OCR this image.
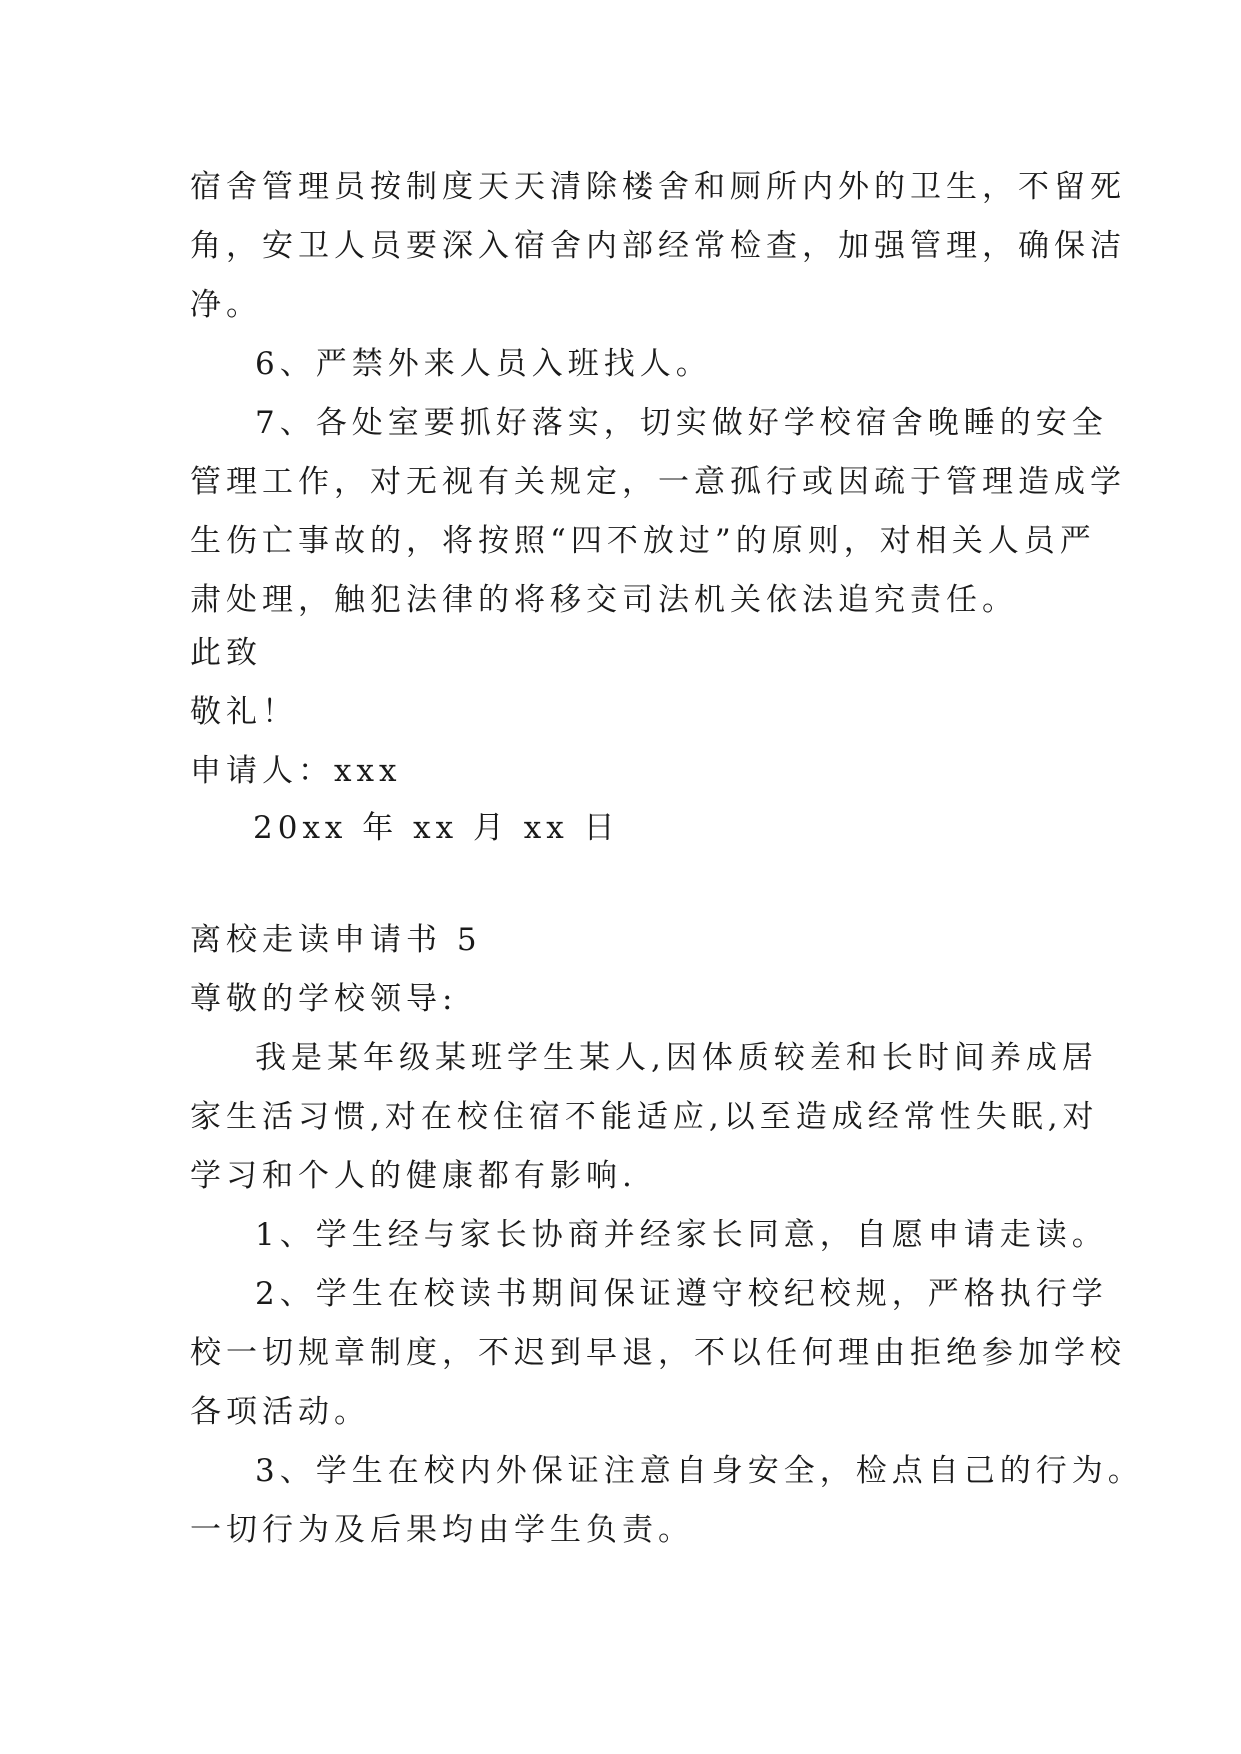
宿舍管理员按制度天天清除楼舍和厕所内外的卫生，不留死
角，安卫人员要深入宿舍内部经常检查，加强管理，确保洁
净。
6、严禁外来人员入班找人。
7、各处室要抓好落实，切实做好学校宿舍晚睡的安全
管理工作，对无视有关规定，一意孤行或因疏于管理造成学
生伤亡事故的，将按照“四不放过”的原则，对相关人员严
肃处理，触犯法律的将移交司法机关依法追究责任。
此致
敬礼！
申请人：xxx
20xx 年 xx 月 xx 日
离校走读申请书 5
尊敬的学校领导:
我是某年级某班学生某人,因体质较差和长时间养成居
家生活习惯,对在校住宿不能适应,以至造成经常性失眠,对
学习和个人的健康都有影响.
1、学生经与家长协商并经家长同意，自愿申请走读。
2、学生在校读书期间保证遵守校纪校规，严格执行学
校一切规章制度，不迟到早退，不以任何理由拒绝参加学校
各项活动。
3、学生在校内外保证注意自身安全，检点自己的行为。
一切行为及后果均由学生负责。
